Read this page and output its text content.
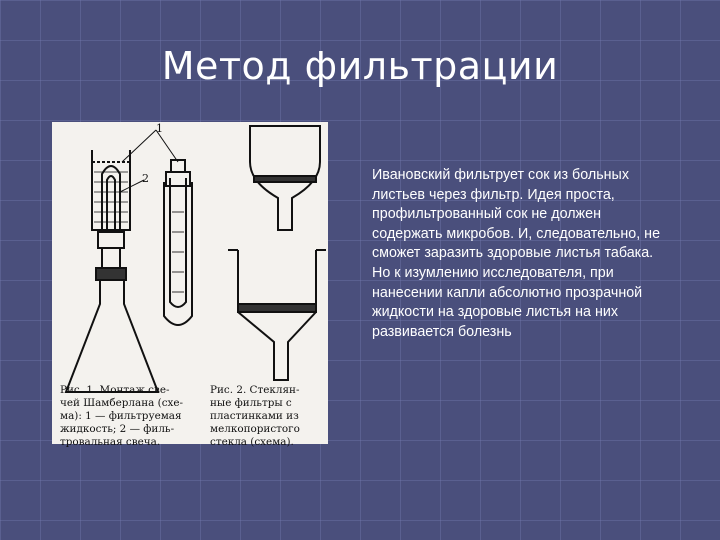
Метод фильтрации
1
2
Рис. 1. Монтаж све-
чей Шамберлана (схе-
ма): 1 — фильтруемая
жидкость; 2 — филь-
тровальная свеча.
Рис. 2. Стеклян-
ные фильтры с
пластинками из
мелкопористого
стекла (схема).
Ивановский фильтрует сок из больных листьев через фильтр. Идея проста, профильтрованный сок не должен содержать микробов. И, следовательно, не сможет заразить здоровые листья табака. Но к изумлению исследователя, при нанесении капли абсолютно прозрачной жидкости на здоровые листья на них развивается болезнь
